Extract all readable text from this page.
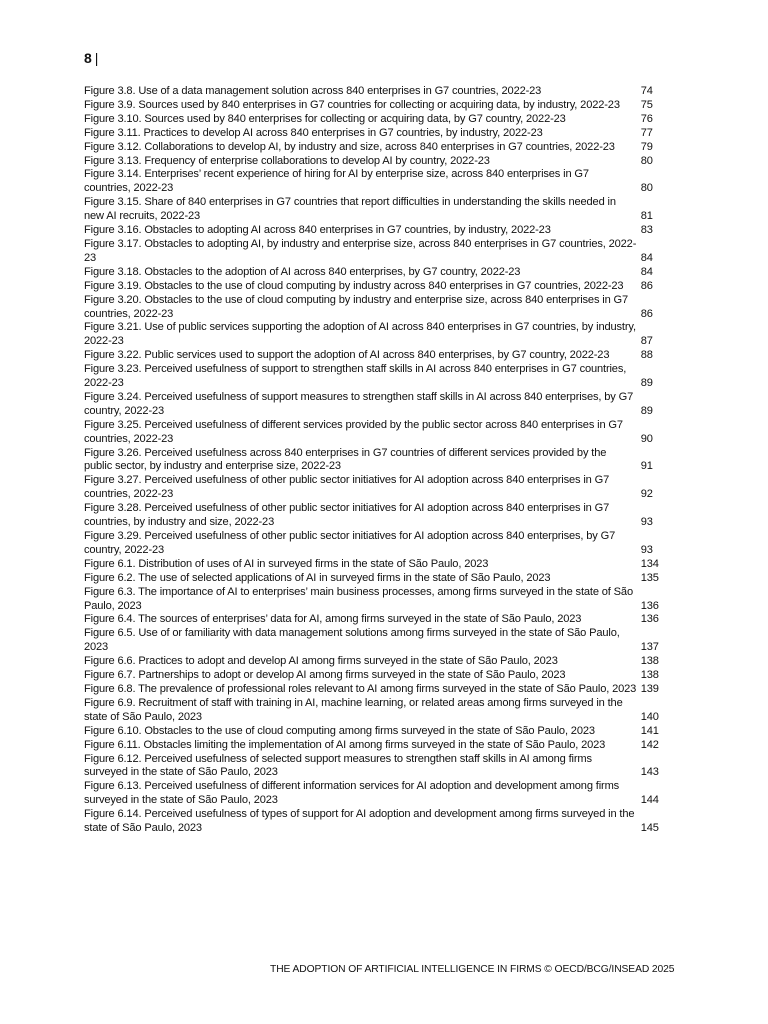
8 |
Figure 3.8. Use of a data management solution across 840 enterprises in G7 countries, 2022-23	74
Figure 3.9. Sources used by 840 enterprises in G7 countries for collecting or acquiring data, by industry, 2022-23	75
Figure 3.10. Sources used by 840 enterprises for collecting or acquiring data, by G7 country, 2022-23	76
Figure 3.11. Practices to develop AI across 840 enterprises in G7 countries, by industry, 2022-23	77
Figure 3.12. Collaborations to develop AI, by industry and size, across 840 enterprises in G7 countries, 2022-23	79
Figure 3.13. Frequency of enterprise collaborations to develop AI by country, 2022-23	80
Figure 3.14. Enterprises’ recent experience of hiring for AI by enterprise size, across 840 enterprises in G7 countries, 2022-23	80
Figure 3.15. Share of 840 enterprises in G7 countries that report difficulties in understanding the skills needed in new AI recruits, 2022-23	81
Figure 3.16. Obstacles to adopting AI across 840 enterprises in G7 countries, by industry, 2022-23	83
Figure 3.17. Obstacles to adopting AI, by industry and enterprise size, across 840 enterprises in G7 countries, 2022-23	84
Figure 3.18. Obstacles to the adoption of AI across 840 enterprises, by G7 country, 2022-23	84
Figure 3.19. Obstacles to the use of cloud computing by industry across 840 enterprises in G7 countries, 2022-23	86
Figure 3.20. Obstacles to the use of cloud computing by industry and enterprise size, across 840 enterprises in G7 countries, 2022-23	86
Figure 3.21. Use of public services supporting the adoption of AI across 840 enterprises in G7 countries, by industry, 2022-23	87
Figure 3.22. Public services used to support the adoption of AI across 840 enterprises, by G7 country, 2022-23	88
Figure 3.23. Perceived usefulness of support to strengthen staff skills in AI across 840 enterprises in G7 countries, 2022-23	89
Figure 3.24. Perceived usefulness of support measures to strengthen staff skills in AI across 840 enterprises, by G7 country, 2022-23	89
Figure 3.25. Perceived usefulness of different services provided by the public sector across 840 enterprises in G7 countries, 2022-23	90
Figure 3.26. Perceived usefulness across 840 enterprises in G7 countries of different services provided by the public sector, by industry and enterprise size, 2022-23	91
Figure 3.27. Perceived usefulness of other public sector initiatives for AI adoption across 840 enterprises in G7 countries, 2022-23	92
Figure 3.28. Perceived usefulness of other public sector initiatives for AI adoption across 840 enterprises in G7 countries, by industry and size, 2022-23	93
Figure 3.29. Perceived usefulness of other public sector initiatives for AI adoption across 840 enterprises, by G7 country, 2022-23	93
Figure 6.1. Distribution of uses of AI in surveyed firms in the state of São Paulo, 2023	134
Figure 6.2. The use of selected applications of AI in surveyed firms in the state of São Paulo, 2023	135
Figure 6.3. The importance of AI to enterprises’ main business processes, among firms surveyed in the state of São Paulo, 2023	136
Figure 6.4. The sources of enterprises’ data for AI, among firms surveyed in the state of São Paulo, 2023	136
Figure 6.5. Use of or familiarity with data management solutions among firms surveyed in the state of São Paulo, 2023	137
Figure 6.6. Practices to adopt and develop AI among firms surveyed in the state of São Paulo, 2023	138
Figure 6.7. Partnerships to adopt or develop AI among firms surveyed in the state of São Paulo, 2023	138
Figure 6.8. The prevalence of professional roles relevant to AI among firms surveyed in the state of São Paulo, 2023 139
Figure 6.9. Recruitment of staff with training in AI, machine learning, or related areas among firms surveyed in the state of São Paulo, 2023	140
Figure 6.10. Obstacles to the use of cloud computing among firms surveyed in the state of São Paulo, 2023	141
Figure 6.11. Obstacles limiting the implementation of AI among firms surveyed in the state of São Paulo, 2023	142
Figure 6.12. Perceived usefulness of selected support measures to strengthen staff skills in AI among firms surveyed in the state of São Paulo, 2023	143
Figure 6.13. Perceived usefulness of different information services for AI adoption and development among firms surveyed in the state of São Paulo, 2023	144
Figure 6.14. Perceived usefulness of types of support for AI adoption and development among firms surveyed in the state of São Paulo, 2023	145
THE ADOPTION OF ARTIFICIAL INTELLIGENCE IN FIRMS © OECD/BCG/INSEAD 2025
